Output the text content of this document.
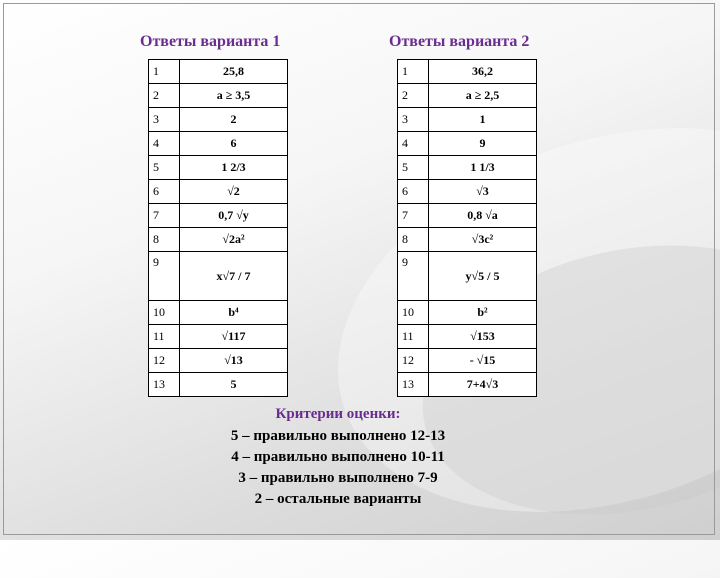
Ответы варианта 1	Ответы варианта 2
1	25,8
2	a ≥ 3,5
3	2
4	6
5	1 2/3
6	√2
7	0,7 √y
8	√2a²
9	x√7 / 7
10	b⁴
11	√117
12	√13
13	5
1	36,2
2	a ≥ 2,5
3	1
4	9
5	1 1/3
6	√3
7	0,8 √a
8	√3c²
9	y√5 / 5
10	b²
11	√153
12	- √15
13	7+4√3
Критерии оценки:
5 – правильно выполнено 12-13
4 – правильно выполнено 10-11
3 – правильно выполнено 7-9
2 – остальные варианты
